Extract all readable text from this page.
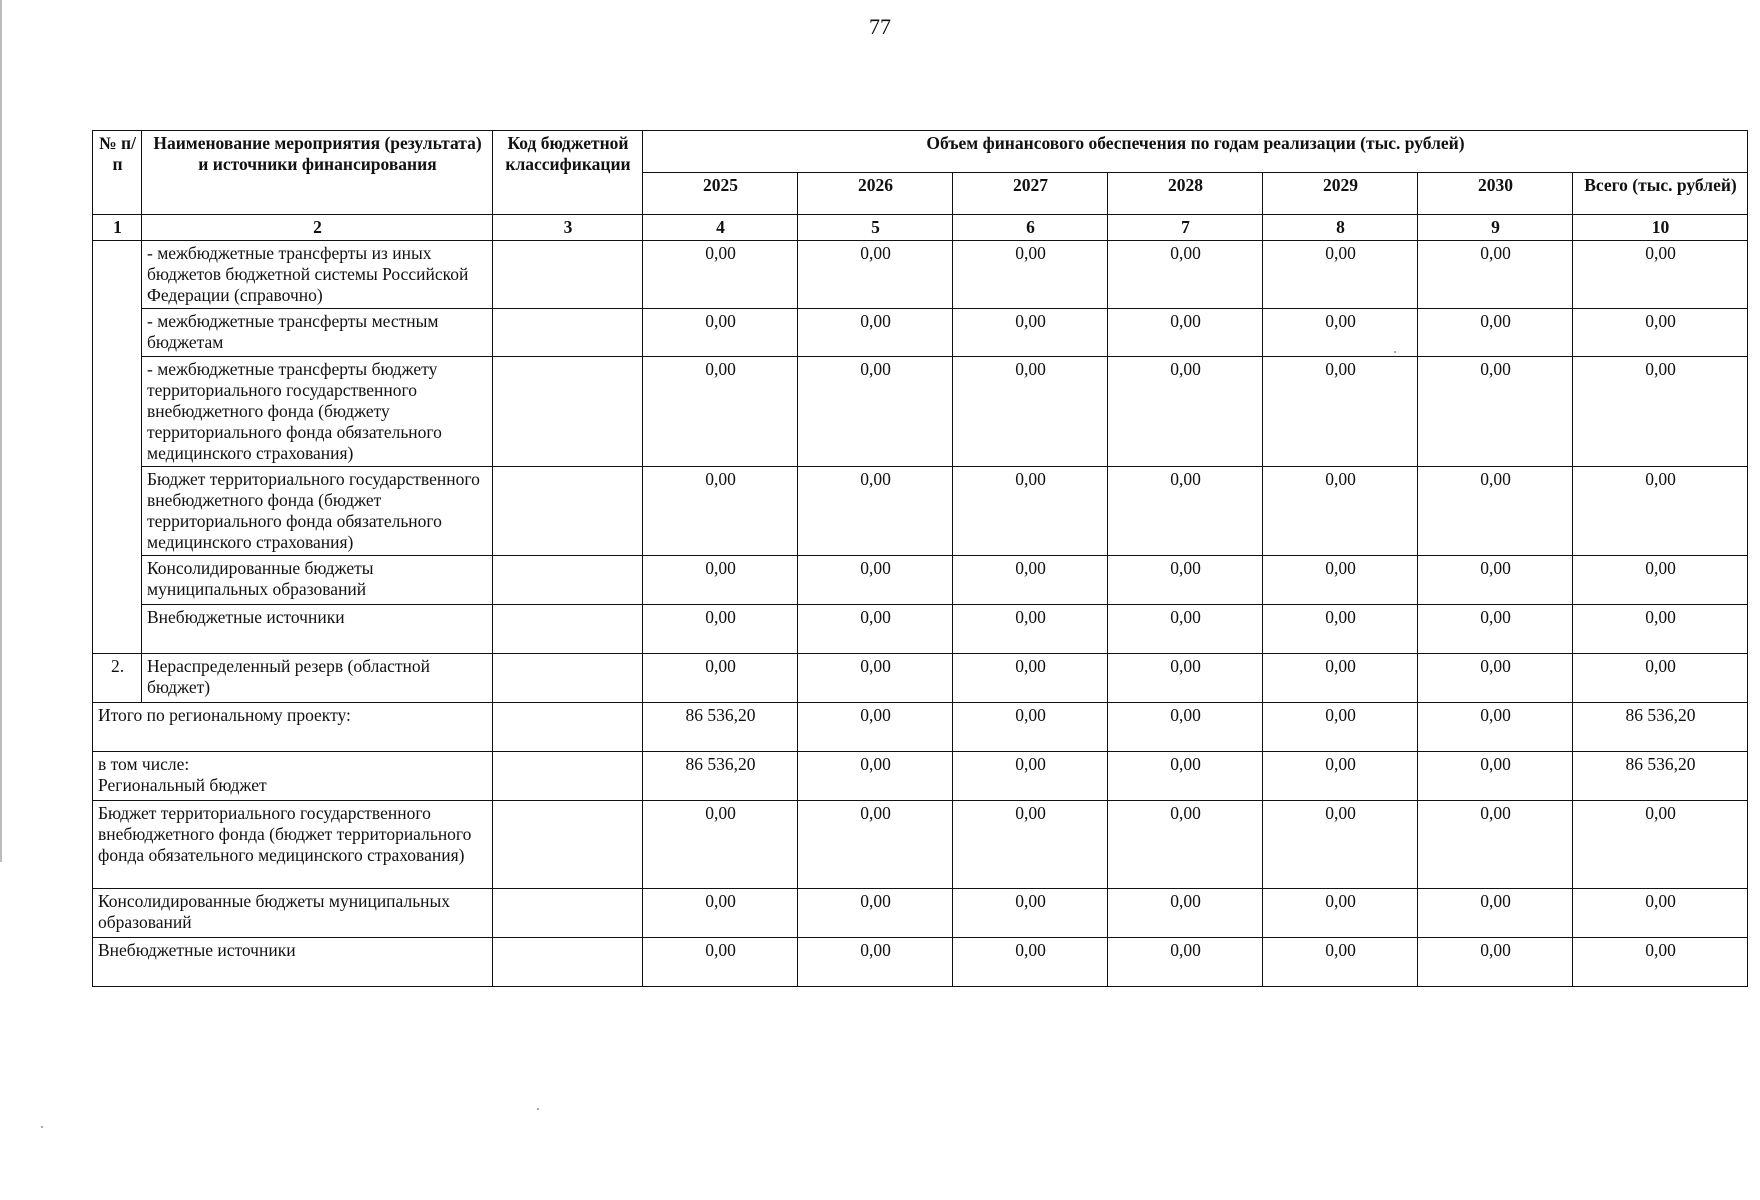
77
№ п/п	Наименование мероприятия (результата) и источники финансирования	Код бюджетной классификации	Объем финансового обеспечения по годам реализации (тыс. рублей)						
			2025	2026	2027	2028	2029	2030	Всего (тыс. рублей)
1	2	3	4	5	6	7	8	9	10
	- межбюджетные трансферты из иных бюджетов бюджетной системы Российской Федерации (справочно)		0,00	0,00	0,00	0,00	0,00	0,00	0,00
	- межбюджетные трансферты местным бюджетам		0,00	0,00	0,00	0,00	0,00	0,00	0,00
	- межбюджетные трансферты бюджету территориального государственного внебюджетного фонда (бюджету территориального фонда обязательного медицинского страхования)		0,00	0,00	0,00	0,00	0,00	0,00	0,00
	Бюджет территориального государственного внебюджетного фонда (бюджет территориального фонда обязательного медицинского страхования)		0,00	0,00	0,00	0,00	0,00	0,00	0,00
	Консолидированные бюджеты муниципальных образований		0,00	0,00	0,00	0,00	0,00	0,00	0,00
	Внебюджетные источники		0,00	0,00	0,00	0,00	0,00	0,00	0,00
2.	Нераспределенный резерв (областной бюджет)		0,00	0,00	0,00	0,00	0,00	0,00	0,00
Итого по региональному проекту:			86 536,20	0,00	0,00	0,00	0,00	0,00	86 536,20

в том числе:
Региональный бюджет			86 536,20	0,00	0,00	0,00	0,00	0,00	86 536,20
Бюджет территориального государственного внебюджетного фонда (бюджет территориального фонда обязательного медицинского страхования)			0,00	0,00	0,00	0,00	0,00	0,00	0,00
Консолидированные бюджеты муниципальных образований			0,00	0,00	0,00	0,00	0,00	0,00	0,00
Внебюджетные источники			0,00	0,00	0,00	0,00	0,00	0,00	0,00
